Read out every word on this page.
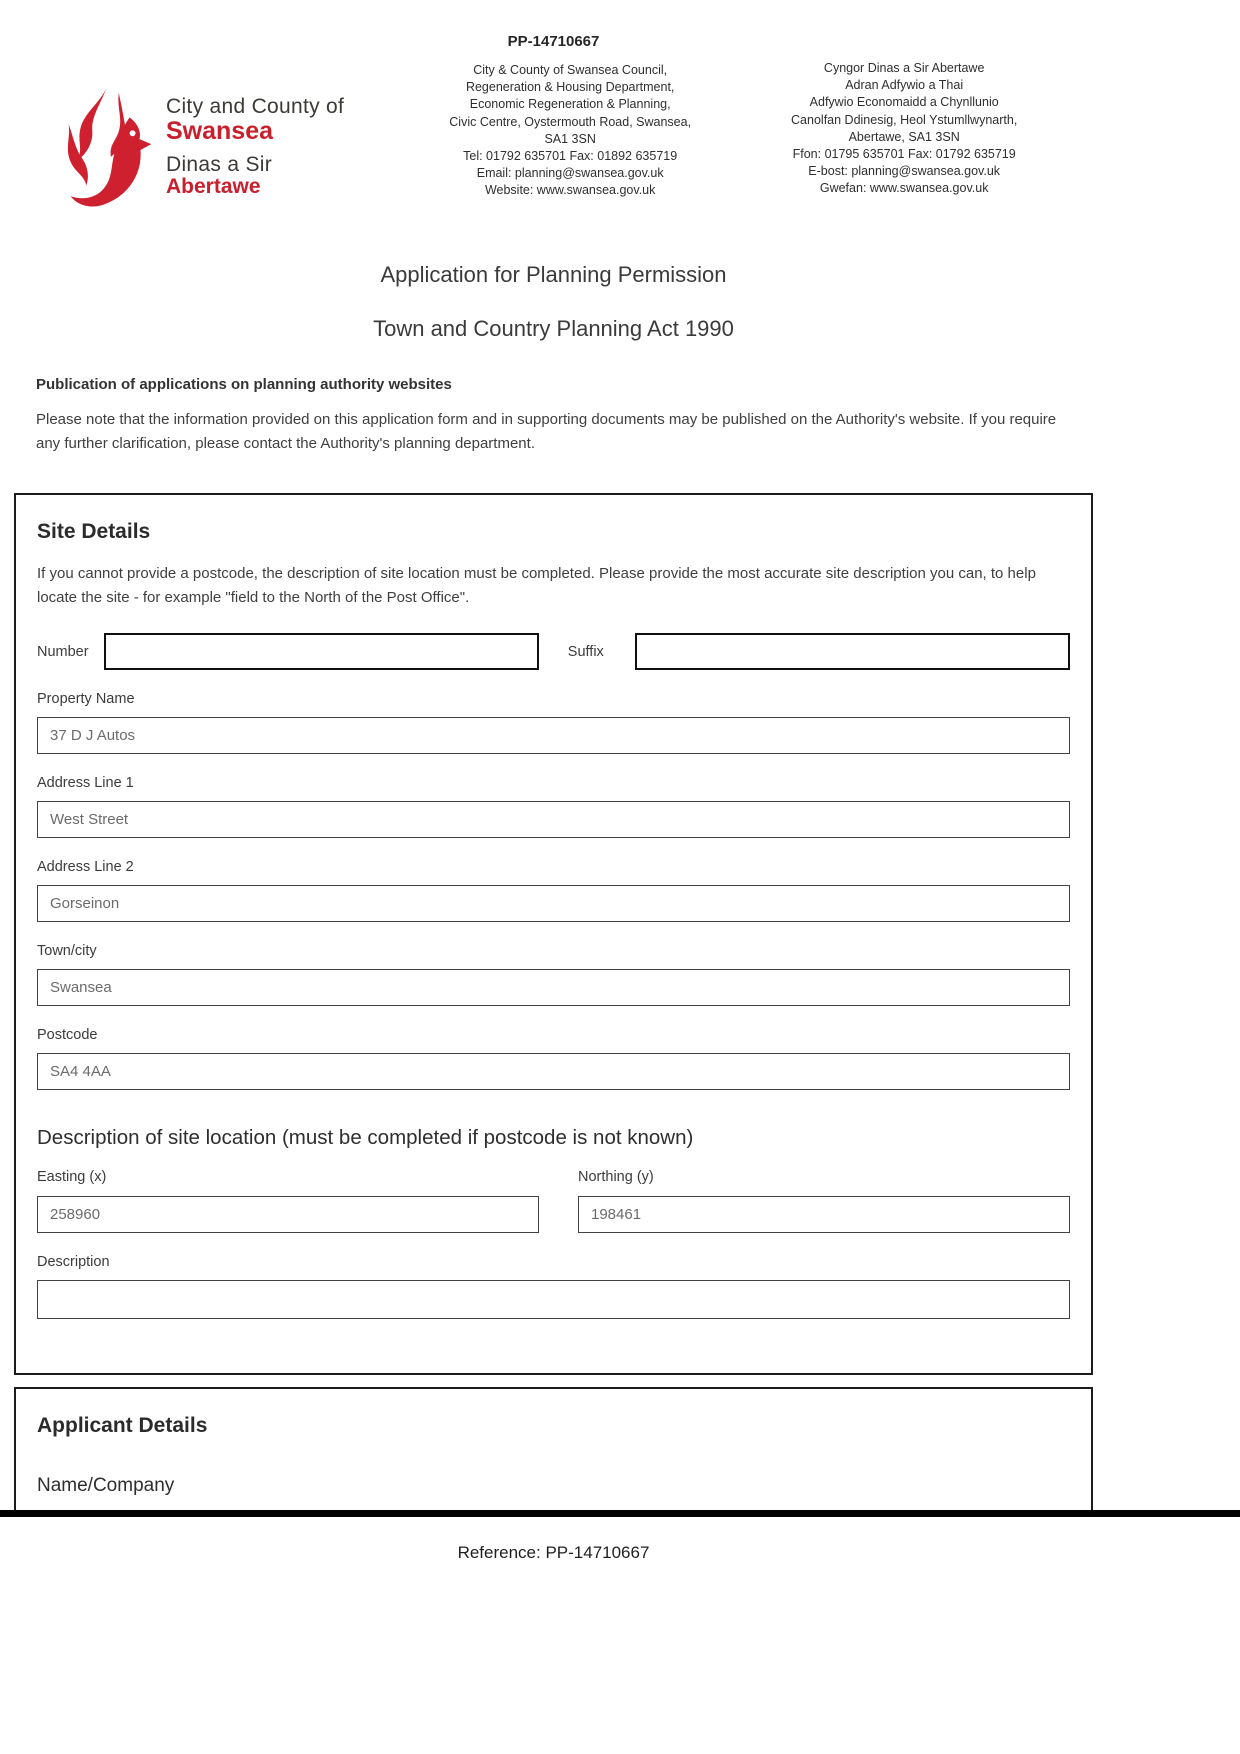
PP-14710667
City and County of
Swansea
Dinas a Sir
Abertawe
City & County of Swansea Council,
Regeneration & Housing Department,
Economic Regeneration & Planning,
Civic Centre, Oystermouth Road, Swansea,
SA1 3SN
Tel: 01792 635701 Fax: 01892 635719
Email: planning@swansea.gov.uk
Website: www.swansea.gov.uk
Cyngor Dinas a Sir Abertawe
Adran Adfywio a Thai
Adfywio Economaidd a Chynllunio
Canolfan Ddinesig, Heol Ystumllwynarth,
Abertawe, SA1 3SN
Ffon: 01795 635701 Fax: 01792 635719
E-bost: planning@swansea.gov.uk
Gwefan: www.swansea.gov.uk
Application for Planning Permission
Town and Country Planning Act 1990
Publication of applications on planning authority websites
Please note that the information provided on this application form and in supporting documents may be published on the Authority's website. If you require any further clarification, please contact the Authority's planning department.
Site Details
If you cannot provide a postcode, the description of site location must be completed. Please provide the most accurate site description you can, to help locate the site - for example "field to the North of the Post Office".
Number	Suffix
Property Name
37 D J Autos
Address Line 1
West Street
Address Line 2
Gorseinon
Town/city
Swansea
Postcode
SA4 4AA
Description of site location (must be completed if postcode is not known)
Easting (x)
258960	Northing (y)
198461
Description
Applicant Details
Name/Company
Reference: PP-14710667
